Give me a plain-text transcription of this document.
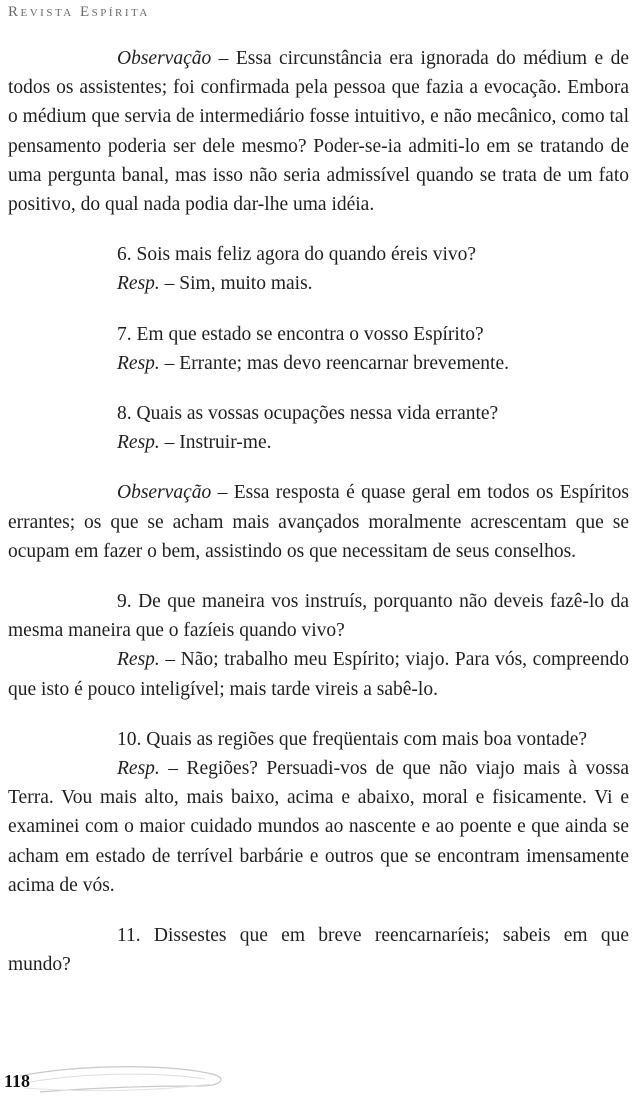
Revista Espírita

Observação – Essa circunstância era ignorada do médium e de todos os assistentes; foi confirmada pela pessoa que fazia a evocação. Embora o médium que servia de intermediário fosse intuitivo, e não mecânico, como tal pensamento poderia ser dele mesmo? Poder-se-ia admiti-lo em se tratando de uma pergunta banal, mas isso não seria admissível quando se trata de um fato positivo, do qual nada podia dar-lhe uma idéia.

6. Sois mais feliz agora do quando éreis vivo?

Resp. – Sim, muito mais.

7. Em que estado se encontra o vosso Espírito?

Resp. – Errante; mas devo reencarnar brevemente.

8. Quais as vossas ocupações nessa vida errante?

Resp. – Instruir-me.

Observação – Essa resposta é quase geral em todos os Espíritos errantes; os que se acham mais avançados moralmente acrescentam que se ocupam em fazer o bem, assistindo os que necessitam de seus conselhos.

9. De que maneira vos instruís, porquanto não deveis fazê-lo da mesma maneira que o fazíeis quando vivo?

Resp. – Não; trabalho meu Espírito; viajo. Para vós, compreendo que isto é pouco inteligível; mais tarde vireis a sabê-lo.

10. Quais as regiões que freqüentais com mais boa vontade?

Resp. – Regiões? Persuadi-vos de que não viajo mais à vossa Terra. Vou mais alto, mais baixo, acima e abaixo, moral e fisicamente. Vi e examinei com o maior cuidado mundos ao nascente e ao poente e que ainda se acham em estado de terrível barbárie e outros que se encontram imensamente acima de vós.

11. Dissestes que em breve reencarnaríeis; sabeis em que mundo?

118
